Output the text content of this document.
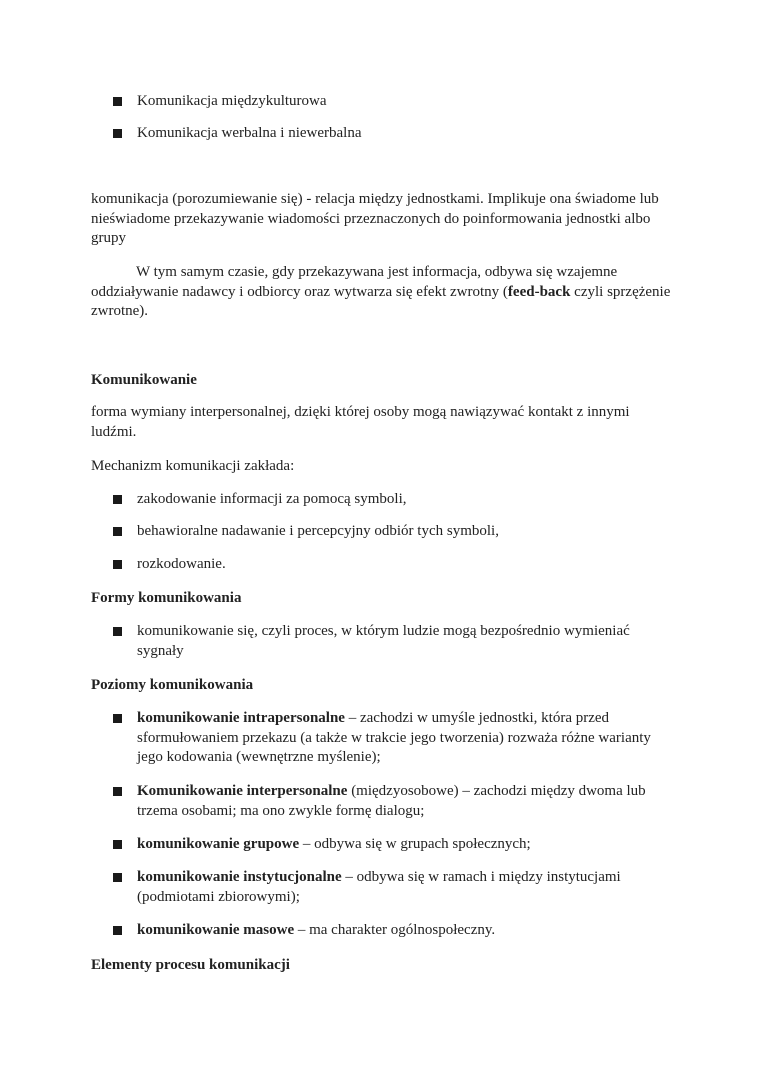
Komunikacja międzykulturowa
Komunikacja werbalna i niewerbalna

komunikacja (porozumiewanie się) - relacja między jednostkami. Implikuje ona świadome lub nieświadome przekazywanie wiadomości przeznaczonych do poinformowania jednostki albo grupy

W tym samym czasie, gdy przekazywana jest informacja, odbywa się wzajemne oddziaływanie nadawcy i odbiorcy oraz wytwarza się efekt zwrotny (feed-back czyli sprzężenie zwrotne).

Komunikowanie

forma wymiany interpersonalnej, dzięki której osoby mogą nawiązywać kontakt z innymi ludźmi.

Mechanizm komunikacji zakłada:

zakodowanie informacji za pomocą symboli,
behawioralne nadawanie i percepcyjny odbiór tych symboli,
rozkodowanie.
Formy komunikowania
komunikowanie się, czyli proces, w którym ludzie mogą bezpośrednio wymieniać sygnały
Poziomy komunikowania
komunikowanie intrapersonalne – zachodzi w umyśle jednostki, która przed sformułowaniem przekazu (a także w trakcie jego tworzenia) rozważa różne warianty jego kodowania (wewnętrzne myślenie);
Komunikowanie interpersonalne (międzyosobowe) – zachodzi między dwoma lub trzema osobami; ma ono zwykle formę dialogu;
komunikowanie grupowe – odbywa się w grupach społecznych;
komunikowanie instytucjonalne – odbywa się w ramach i między instytucjami (podmiotami zbiorowymi);
komunikowanie masowe – ma charakter ogólnospołeczny.
Elementy procesu komunikacji
